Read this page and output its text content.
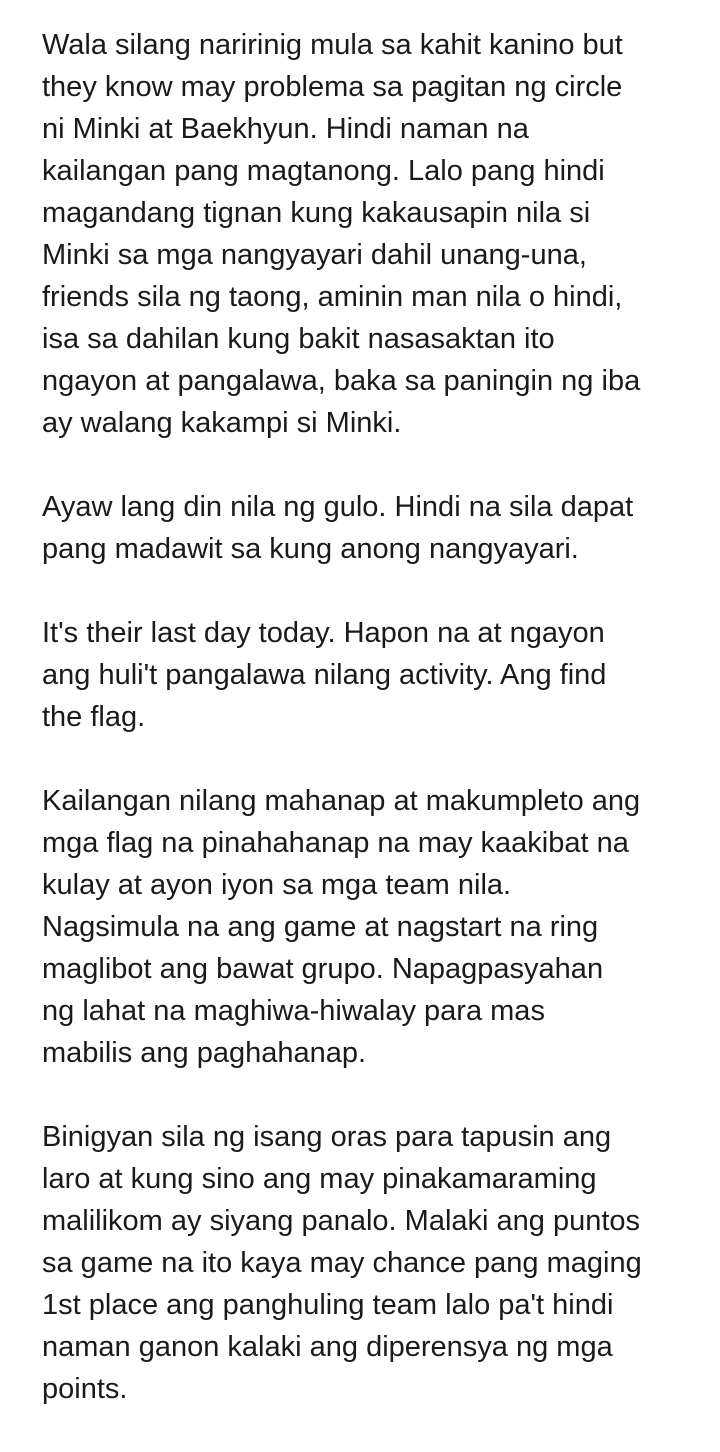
Wala silang naririnig mula sa kahit kanino but
they know may problema sa pagitan ng circle
ni Minki at Baekhyun. Hindi naman na
kailangan pang magtanong. Lalo pang hindi
magandang tignan kung kakausapin nila si
Minki sa mga nangyayari dahil unang-una,
friends sila ng taong, aminin man nila o hindi,
isa sa dahilan kung bakit nasasaktan ito
ngayon at pangalawa, baka sa paningin ng iba
ay walang kakampi si Minki.

Ayaw lang din nila ng gulo. Hindi na sila dapat
pang madawit sa kung anong nangyayari.

It's their last day today. Hapon na at ngayon
ang huli't pangalawa nilang activity. Ang find
the flag.

Kailangan nilang mahanap at makumpleto ang
mga flag na pinahahanap na may kaakibat na
kulay at ayon iyon sa mga team nila.
Nagsimula na ang game at nagstart na ring
maglibot ang bawat grupo. Napagpasyahan
ng lahat na maghiwa-hiwalay para mas
mabilis ang paghahanap.

Binigyan sila ng isang oras para tapusin ang
laro at kung sino ang may pinakamaraming
malilikom ay siyang panalo. Malaki ang puntos
sa game na ito kaya may chance pang maging
1st place ang panghuling team lalo pa't hindi
naman ganon kalaki ang diperensya ng mga
points.
